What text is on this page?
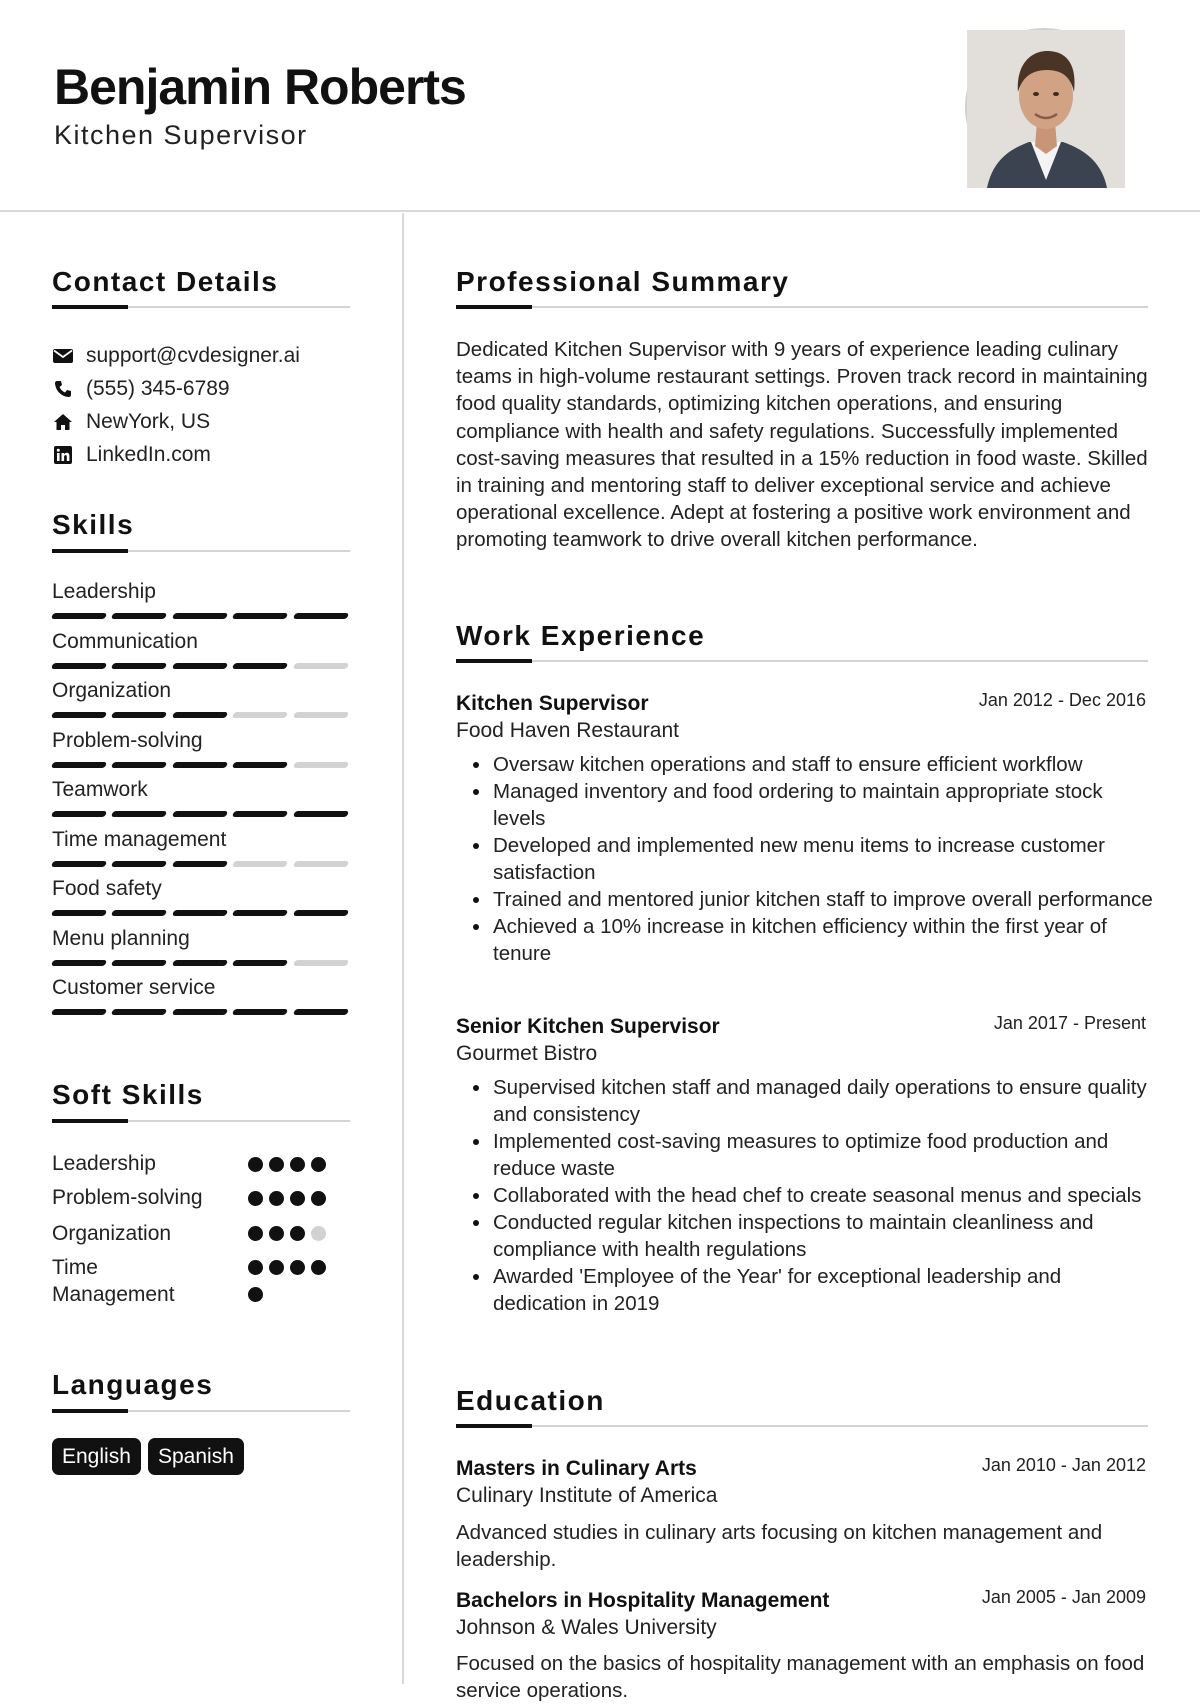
Benjamin Roberts
Kitchen Supervisor
Contact Details
support@cvdesigner.ai
(555) 345-6789
NewYork, US
LinkedIn.com
Skills
Leadership
Communication
Organization
Problem-solving
Teamwork
Time management
Food safety
Menu planning
Customer service
Soft Skills
Leadership
Problem-solving
Organization
Time Management
Languages
English	Spanish
Professional Summary
Dedicated Kitchen Supervisor with 9 years of experience leading culinary teams in high-volume restaurant settings. Proven track record in maintaining food quality standards, optimizing kitchen operations, and ensuring compliance with health and safety regulations. Successfully implemented cost-saving measures that resulted in a 15% reduction in food waste. Skilled in training and mentoring staff to deliver exceptional service and achieve operational excellence. Adept at fostering a positive work environment and promoting teamwork to drive overall kitchen performance.
Work Experience
Kitchen Supervisor	Jan 2012 - Dec 2016
Food Haven Restaurant
Oversaw kitchen operations and staff to ensure efficient workflow
Managed inventory and food ordering to maintain appropriate stock levels
Developed and implemented new menu items to increase customer satisfaction
Trained and mentored junior kitchen staff to improve overall performance
Achieved a 10% increase in kitchen efficiency within the first year of tenure
Senior Kitchen Supervisor	Jan 2017 - Present
Gourmet Bistro
Supervised kitchen staff and managed daily operations to ensure quality and consistency
Implemented cost-saving measures to optimize food production and reduce waste
Collaborated with the head chef to create seasonal menus and specials
Conducted regular kitchen inspections to maintain cleanliness and compliance with health regulations
Awarded 'Employee of the Year' for exceptional leadership and dedication in 2019
Education
Masters in Culinary Arts	Jan 2010 - Jan 2012
Culinary Institute of America
Advanced studies in culinary arts focusing on kitchen management and leadership.
Bachelors in Hospitality Management	Jan 2005 - Jan 2009
Johnson & Wales University
Focused on the basics of hospitality management with an emphasis on food service operations.
